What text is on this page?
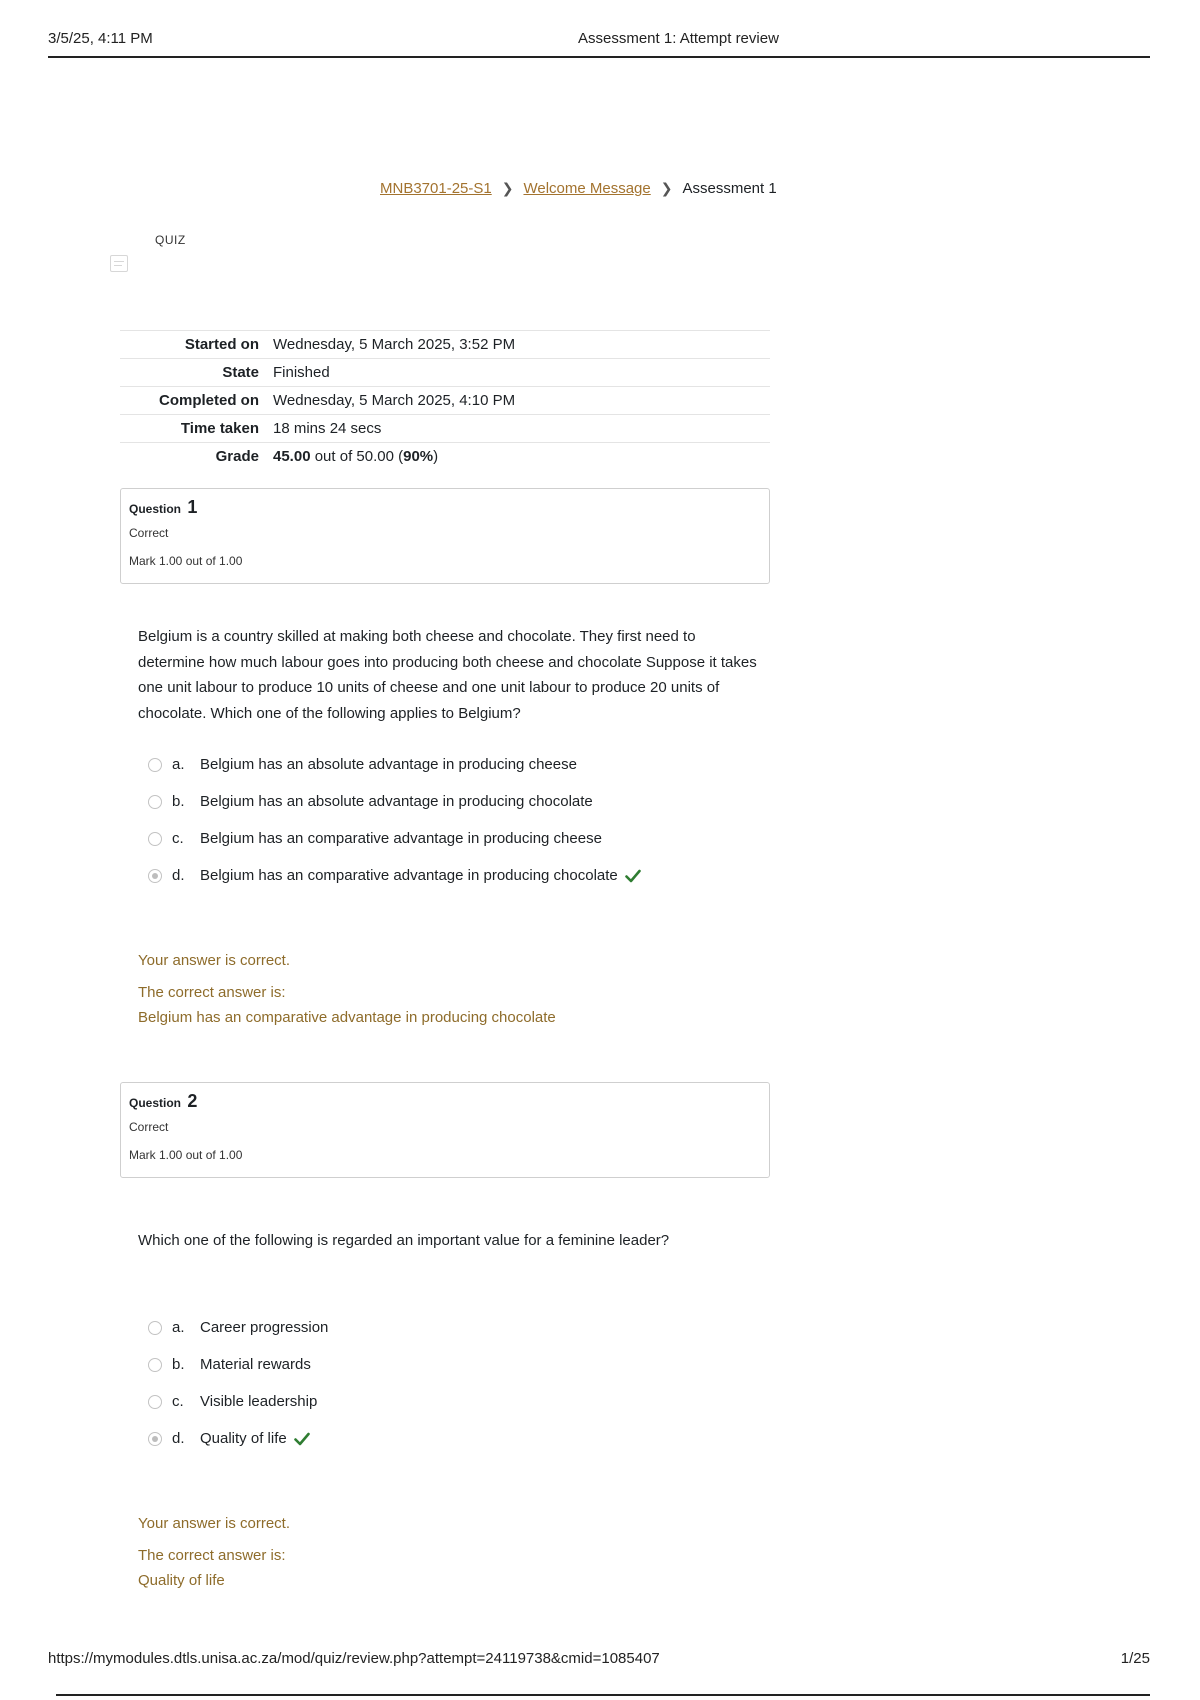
3/5/25, 4:11 PM	Assessment 1: Attempt review
MNB3701-25-S1 ❯ Welcome Message ❯ Assessment 1
QUIZ
Started on	Wednesday, 5 March 2025, 3:52 PM
State	Finished
Completed on	Wednesday, 5 March 2025, 4:10 PM
Time taken	18 mins 24 secs
Grade	45.00 out of 50.00 (90%)
Question 1
Correct
Mark 1.00 out of 1.00
Belgium is a country skilled at making both cheese and chocolate. They first need to determine how much labour goes into producing both cheese and chocolate Suppose it takes one unit labour to produce 10 units of cheese and one unit labour to produce 20 units of chocolate. Which one of the following applies to Belgium?
a.	Belgium has an absolute advantage in producing cheese
b.	Belgium has an absolute advantage in producing chocolate
c.	Belgium has an comparative advantage in producing cheese
d.	Belgium has an comparative advantage in producing chocolate
Your answer is correct.
The correct answer is:
Belgium has an comparative advantage in producing chocolate
Question 2
Correct
Mark 1.00 out of 1.00
Which one of the following is regarded an important value for a feminine leader?
a.	Career progression
b.	Material rewards
c.	Visible leadership
d.	Quality of life
Your answer is correct.
The correct answer is:
Quality of life
https://mymodules.dtls.unisa.ac.za/mod/quiz/review.php?attempt=24119738&cmid=1085407	1/25
